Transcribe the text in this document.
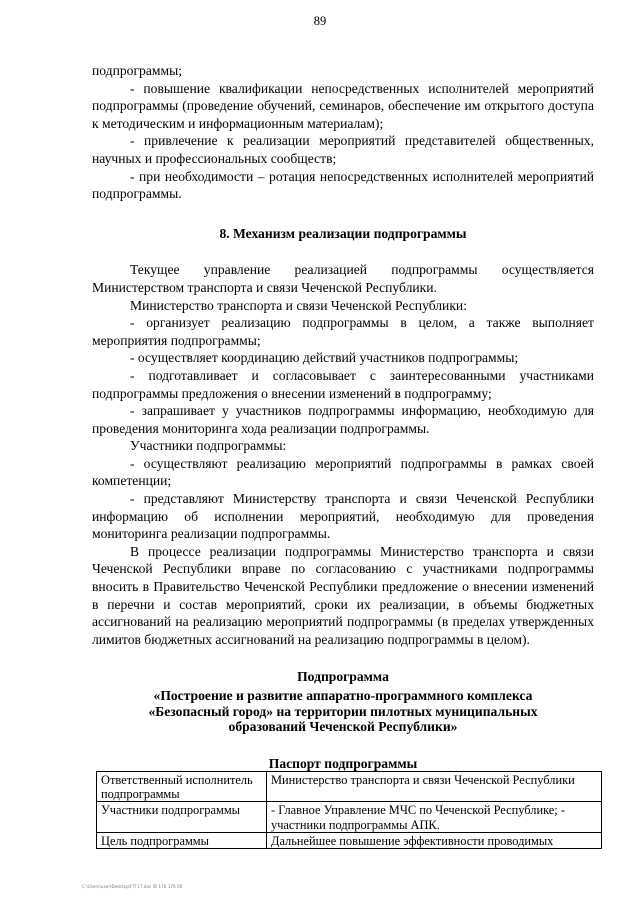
89

подпрограммы;

- повышение квалификации непосредственных исполнителей мероприятий подпрограммы (проведение обучений, семинаров, обеспечение им открытого доступа к методическим и информационным материалам);

- привлечение к реализации мероприятий представителей общественных, научных и профессиональных сообществ;

- при необходимости – ротация непосредственных исполнителей мероприятий подпрограммы.

8. Механизм реализации подпрограммы

Текущее управление реализацией подпрограммы осуществляется Министерством транспорта и связи Чеченской Республики.

Министерство транспорта и связи Чеченской Республики:

- организует реализацию подпрограммы в целом, а также выполняет мероприятия подпрограммы;

- осуществляет координацию действий участников подпрограммы;

- подготавливает и согласовывает с заинтересованными участниками подпрограммы предложения о внесении изменений в подпрограмму;

- запрашивает у участников подпрограммы информацию, необходимую для проведения мониторинга хода реализации подпрограммы.

Участники подпрограммы:

- осуществляют реализацию мероприятий подпрограммы в рамках своей компетенции;

- представляют Министерству транспорта и связи Чеченской Республики информацию об исполнении мероприятий, необходимую для проведения мониторинга реализации подпрограммы.

В процессе реализации подпрограммы Министерство транспорта и связи Чеченской Республики вправе по согласованию с участниками подпрограммы вносить в Правительство Чеченской Республики предложение о внесении изменений в перечни и состав мероприятий, сроки их реализации, в объемы бюджетных ассигнований на реализацию мероприятий подпрограммы (в пределах утвержденных лимитов бюджетных ассигнований на реализацию подпрограммы в целом).

Подпрограмма

«Построение и развитие аппаратно-программного комплекса
«Безопасный город» на территории пилотных муниципальных
образований Чеченской Республики»

Паспорт подпрограммы

Ответственный исполнитель подпрограммы	Министерство транспорта и связи Чеченской Республики
Участники подпрограммы	- Главное Управление МЧС по Чеченской Республике; - участники подпрограммы АПК.
Цель подпрограммы	Дальнейшее повышение эффективности проводимых
C:\Users\user\Desktop\ГП 17.doc ID 176 176 00
